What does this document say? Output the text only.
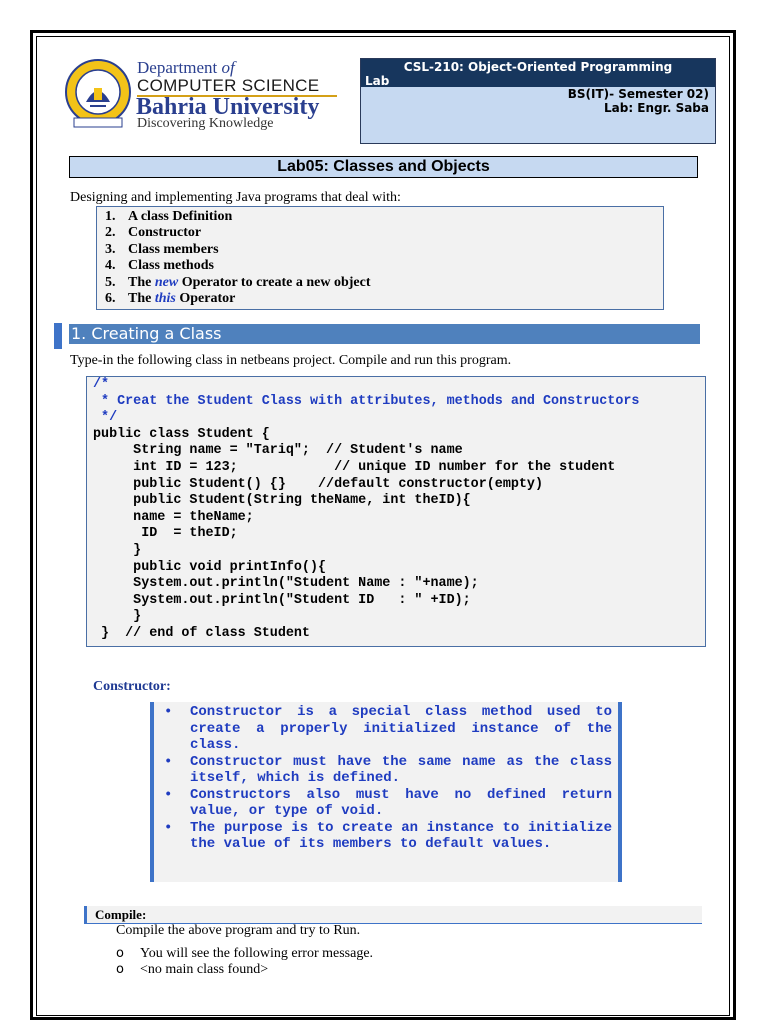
Department of
COMPUTER SCIENCE
Bahria University
Discovering Knowledge
CSL-210: Object-Oriented Programming
Lab
BS(IT)- Semester 02)
Lab: Engr. Saba
Lab05: Classes and Objects
Designing and implementing Java programs that deal with:
1. A class Definition
2. Constructor
3. Class members
4. Class methods
5. The new Operator to create a new object
6. The this Operator
1. Creating a Class
Type-in the following class in netbeans project. Compile and run this program.
/*
* Creat the Student Class with attributes, methods and Constructors
*/
public class Student {
String name = "Tariq";  // Student's name
int ID = 123;            // unique ID number for the student
public Student() {}    //default constructor(empty)
public Student(String theName, int theID){
name = theName;
ID  = theID;
}
public void printInfo(){
System.out.println("Student Name : "+name);
System.out.println("Student ID   : " +ID);
}
}  // end of class Student
Constructor:
• Constructor is a special class method used to create a properly initialized instance of the class.
• Constructor must have the same name as the class itself, which is defined.
• Constructors also must have no defined return value, or type of void.
• The purpose is to create an instance to initialize the value of its members to default values.
Compile:
Compile the above program and try to Run.
o You will see the following error message.
o <no main class found>
